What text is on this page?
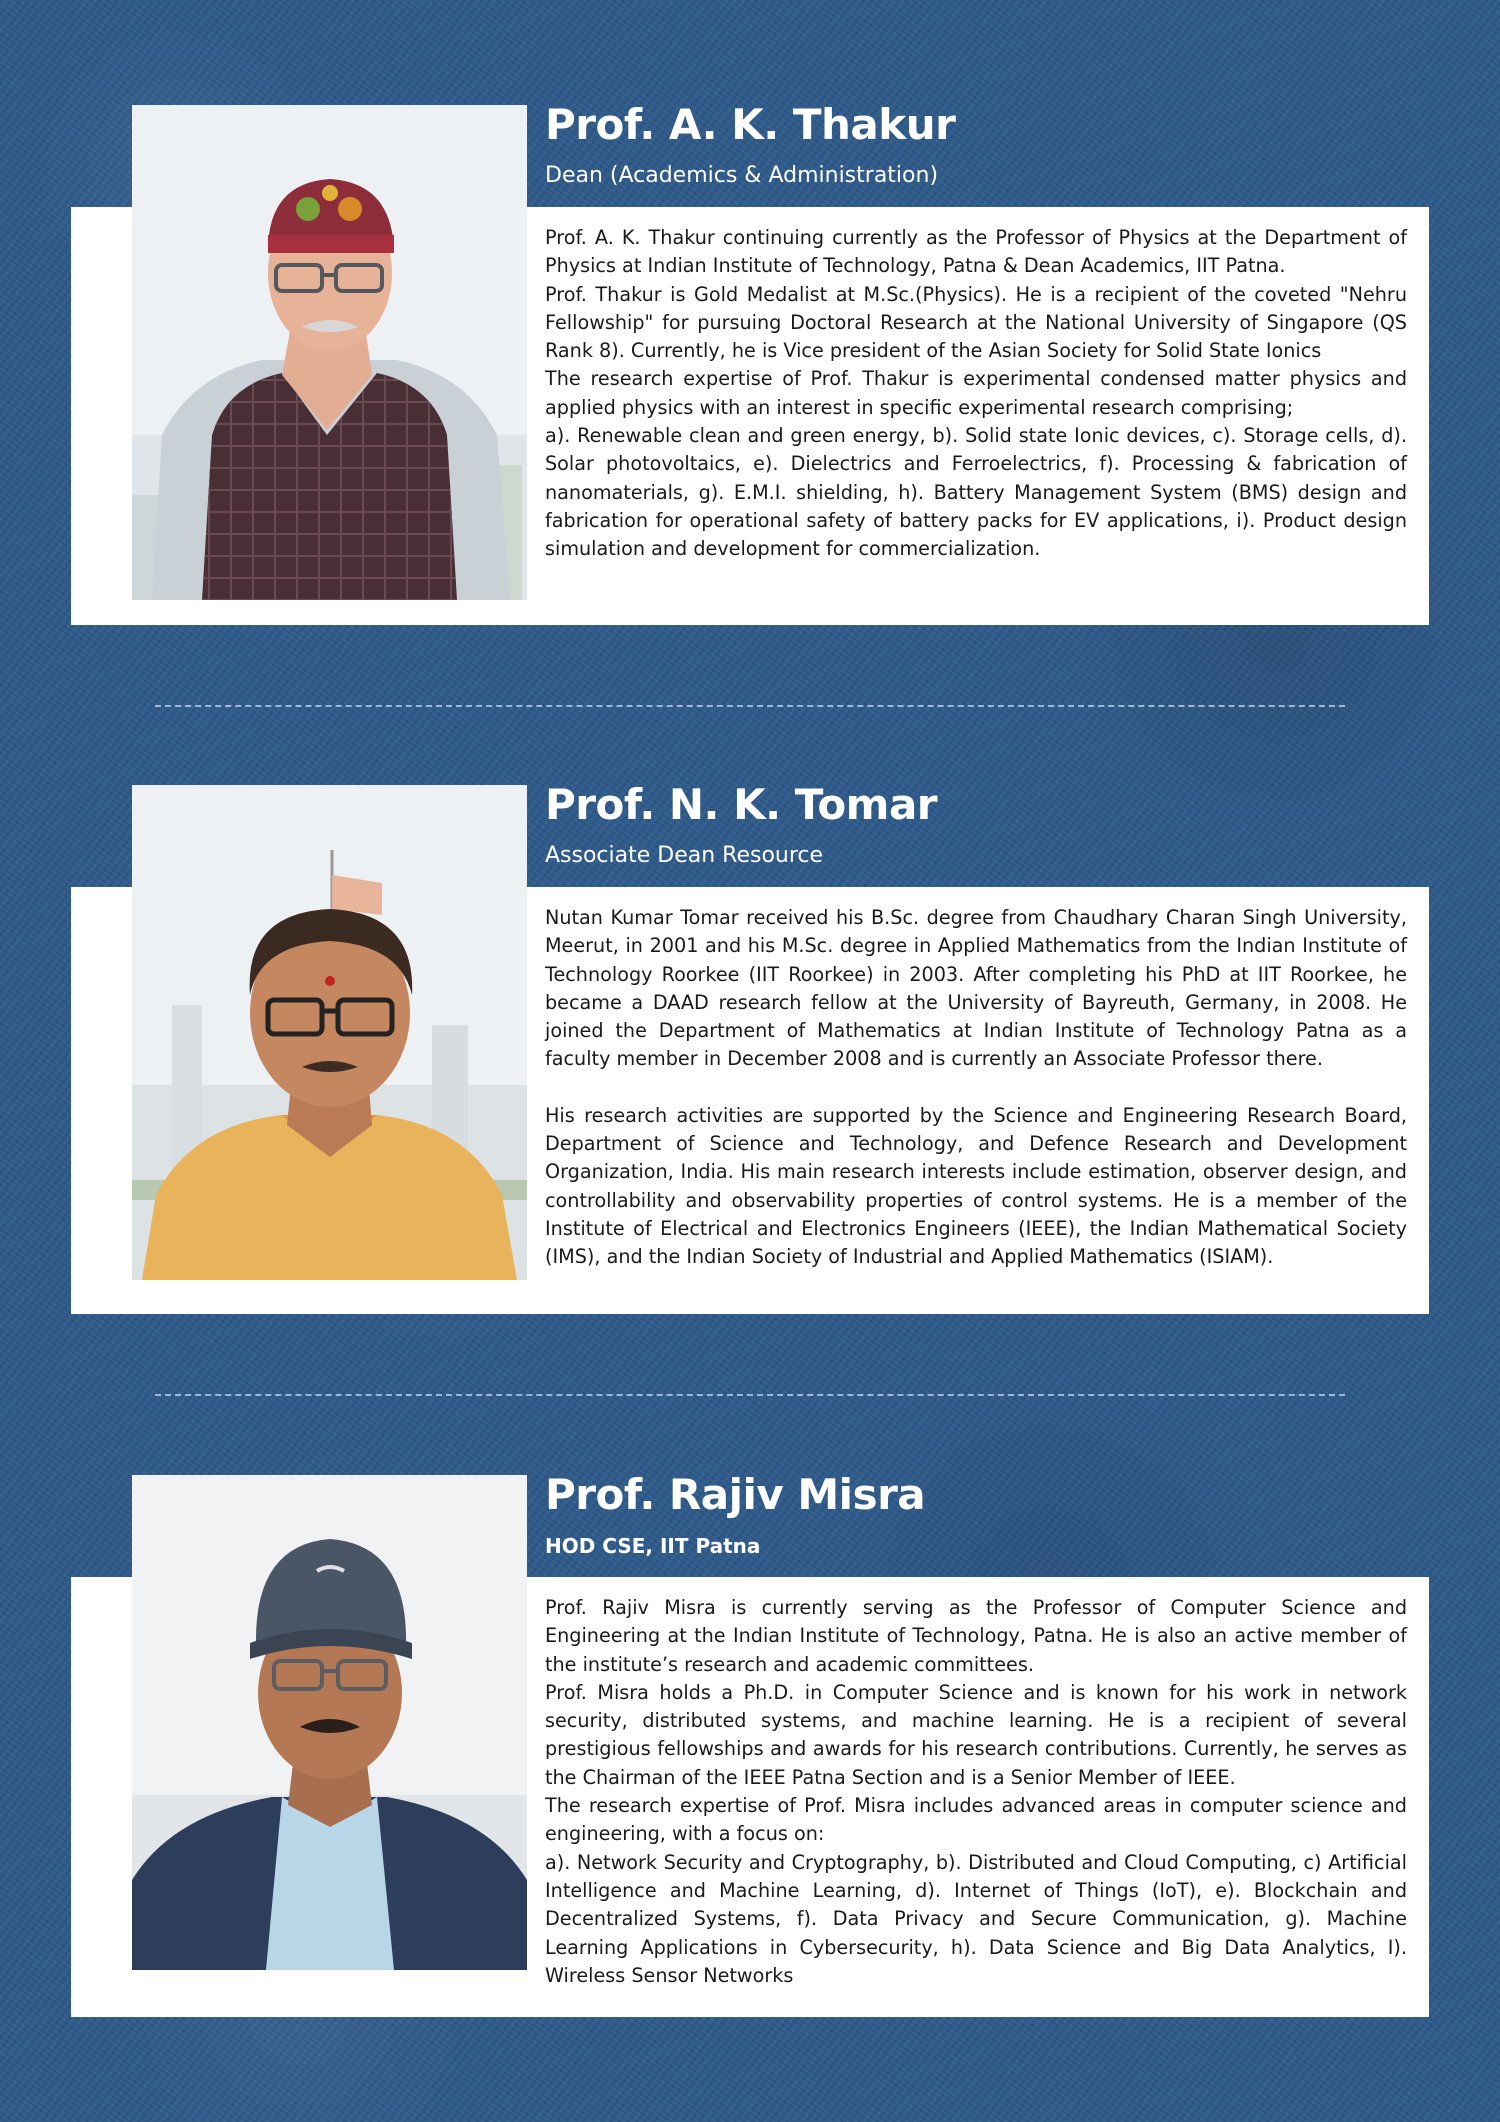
Prof. A. K. Thakur
Dean (Academics & Administration)

Prof. A. K. Thakur continuing currently as the Professor of Physics at the Department of Physics at Indian Institute of Technology, Patna & Dean Academics, IIT Patna.

Prof. Thakur is Gold Medalist at M.Sc.(Physics). He is a recipient of the coveted "Nehru Fellowship" for pursuing Doctoral Research at the National University of Singapore (QS Rank 8). Currently, he is Vice president of the Asian Society for Solid State Ionics

The research expertise of Prof. Thakur is experimental condensed matter physics and applied physics with an interest in specific experimental research comprising;

a). Renewable clean and green energy, b). Solid state Ionic devices, c). Storage cells, d). Solar photovoltaics, e). Dielectrics and Ferroelectrics, f). Processing & fabrication of nanomaterials, g). E.M.I. shielding, h). Battery Management System (BMS) design and fabrication for operational safety of battery packs for EV applications, i). Product design simulation and development for commercialization.

Prof. N. K. Tomar
Associate Dean Resource

Nutan Kumar Tomar received his B.Sc. degree from Chaudhary Charan Singh University, Meerut, in 2001 and his M.Sc. degree in Applied Mathematics from the Indian Institute of Technology Roorkee (IIT Roorkee) in 2003. After completing his PhD at IIT Roorkee, he became a DAAD research fellow at the University of Bayreuth, Germany, in 2008. He joined the Department of Mathematics at Indian Institute of Technology Patna as a faculty member in December 2008 and is currently an Associate Professor there.

His research activities are supported by the Science and Engineering Research Board, Department of Science and Technology, and Defence Research and Development Organization, India. His main research interests include estimation, observer design, and controllability and observability properties of control systems. He is a member of the Institute of Electrical and Electronics Engineers (IEEE), the Indian Mathematical Society (IMS), and the Indian Society of Industrial and Applied Mathematics (ISIAM).

Prof. Rajiv Misra
HOD CSE, IIT Patna

Prof. Rajiv Misra is currently serving as the Professor of Computer Science and Engineering at the Indian Institute of Technology, Patna. He is also an active member of the institute’s research and academic committees.

Prof. Misra holds a Ph.D. in Computer Science and is known for his work in network security, distributed systems, and machine learning. He is a recipient of several prestigious fellowships and awards for his research contributions. Currently, he serves as the Chairman of the IEEE Patna Section and is a Senior Member of IEEE.

The research expertise of Prof. Misra includes advanced areas in computer science and engineering, with a focus on:

a). Network Security and Cryptography, b). Distributed and Cloud Computing, c) Artificial Intelligence and Machine Learning, d). Internet of Things (IoT), e). Blockchain and Decentralized Systems, f). Data Privacy and Secure Communication, g). Machine Learning Applications in Cybersecurity, h). Data Science and Big Data Analytics, I). Wireless Sensor Networks
